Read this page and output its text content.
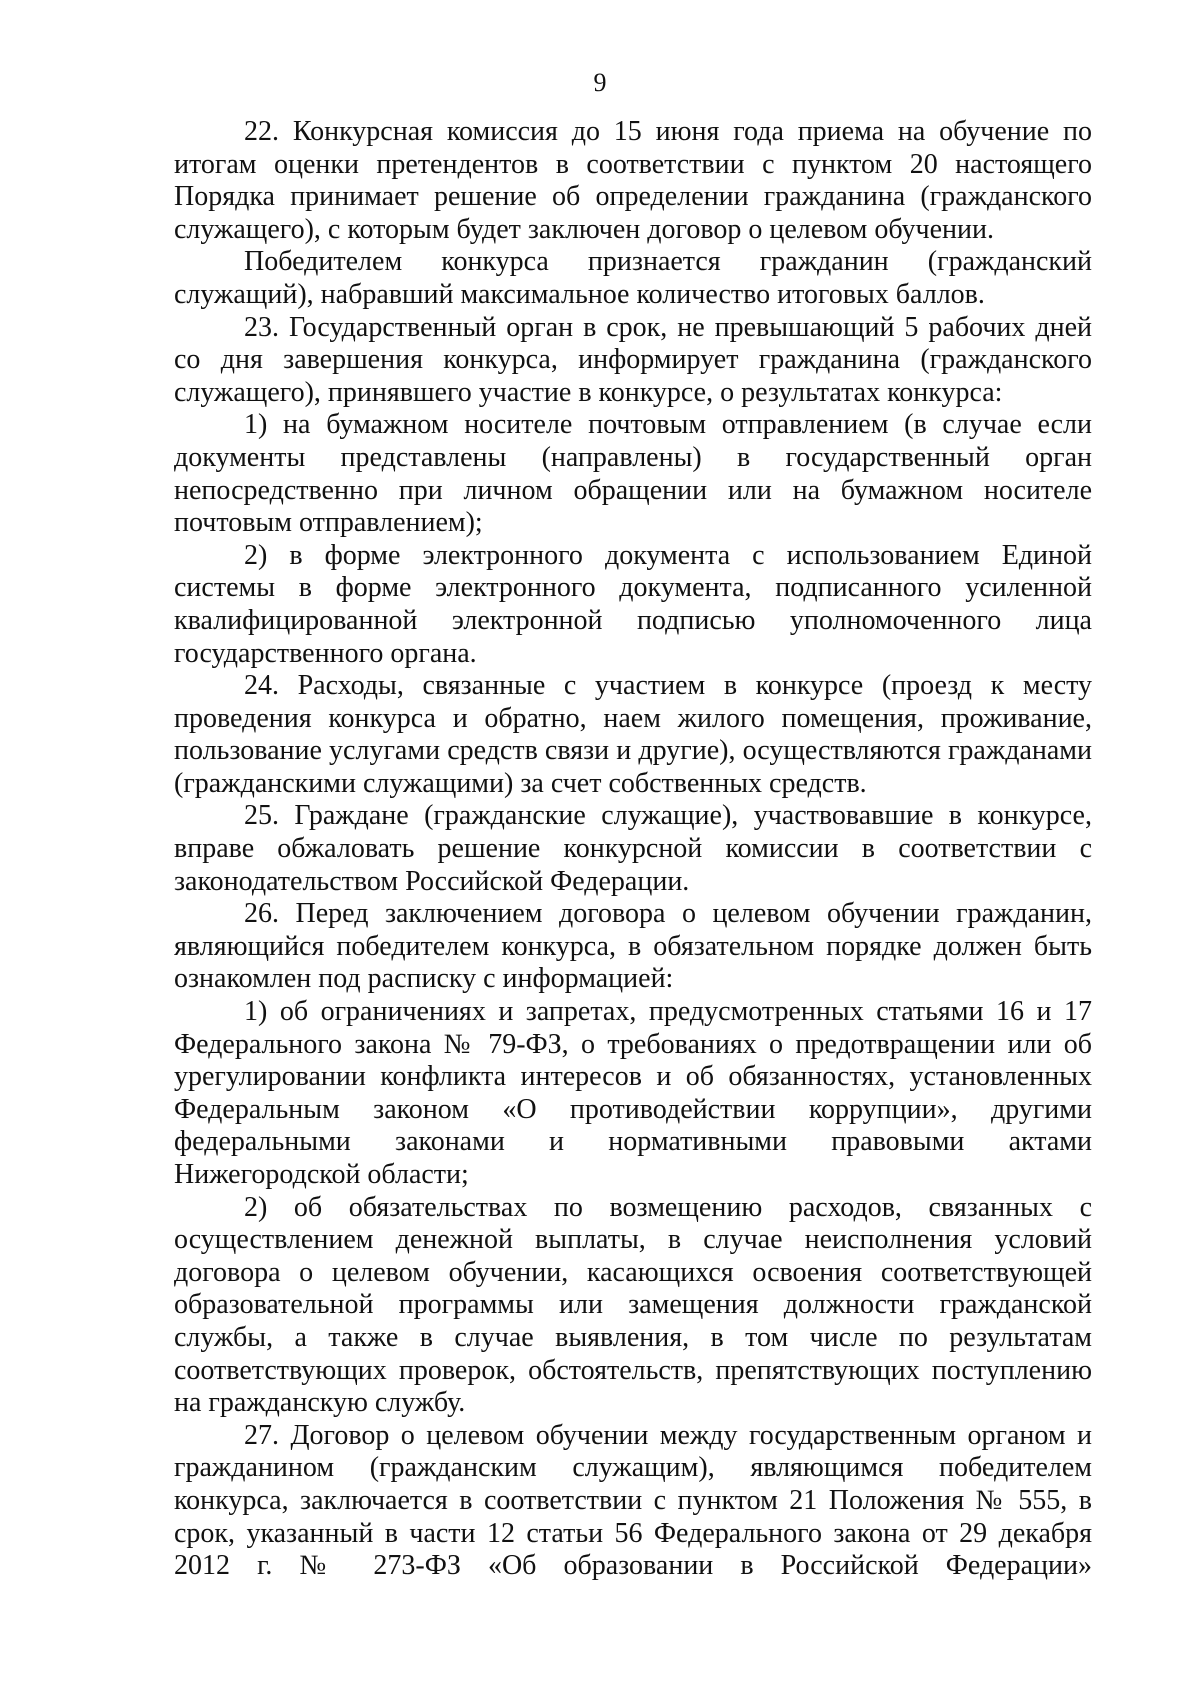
9

22. Конкурсная комиссия до 15 июня года приема на обучение по итогам оценки претендентов в соответствии с пунктом 20 настоящего Порядка принимает решение об определении гражданина (гражданского служащего), с которым будет заключен договор о целевом обучении.

Победителем конкурса признается гражданин (гражданский служащий), набравший максимальное количество итоговых баллов.

23. Государственный орган в срок, не превышающий 5 рабочих дней со дня завершения конкурса, информирует гражданина (гражданского служащего), принявшего участие в конкурсе, о результатах конкурса:

1) на бумажном носителе почтовым отправлением (в случае если документы представлены (направлены) в государственный орган непосредственно при личном обращении или на бумажном носителе почтовым отправлением);

2) в форме электронного документа с использованием Единой системы в форме электронного документа, подписанного усиленной квалифицированной электронной подписью уполномоченного лица государственного органа.

24. Расходы, связанные с участием в конкурсе (проезд к месту проведения конкурса и обратно, наем жилого помещения, проживание, пользование услугами средств связи и другие), осуществляются гражданами (гражданскими служащими) за счет собственных средств.

25. Граждане (гражданские служащие), участвовавшие в конкурсе, вправе обжаловать решение конкурсной комиссии в соответствии с законодательством Российской Федерации.

26. Перед заключением договора о целевом обучении гражданин, являющийся победителем конкурса, в обязательном порядке должен быть ознакомлен под расписку с информацией:

1) об ограничениях и запретах, предусмотренных статьями 16 и 17 Федерального закона № 79-ФЗ, о требованиях о предотвращении или об урегулировании конфликта интересов и об обязанностях, установленных Федеральным законом «О противодействии коррупции», другими федеральными законами и нормативными правовыми актами Нижегородской области;

2) об обязательствах по возмещению расходов, связанных с осуществлением денежной выплаты, в случае неисполнения условий договора о целевом обучении, касающихся освоения соответствующей образовательной программы или замещения должности гражданской службы, а также в случае выявления, в том числе по результатам соответствующих проверок, обстоятельств, препятствующих поступлению на гражданскую службу.

27. Договор о целевом обучении между государственным органом и гражданином (гражданским служащим), являющимся победителем конкурса, заключается в соответствии с пунктом 21 Положения № 555, в срок, указанный в части 12 статьи 56 Федерального закона от 29 декабря 2012 г. № 273-ФЗ «Об образовании в Российской Федерации»
